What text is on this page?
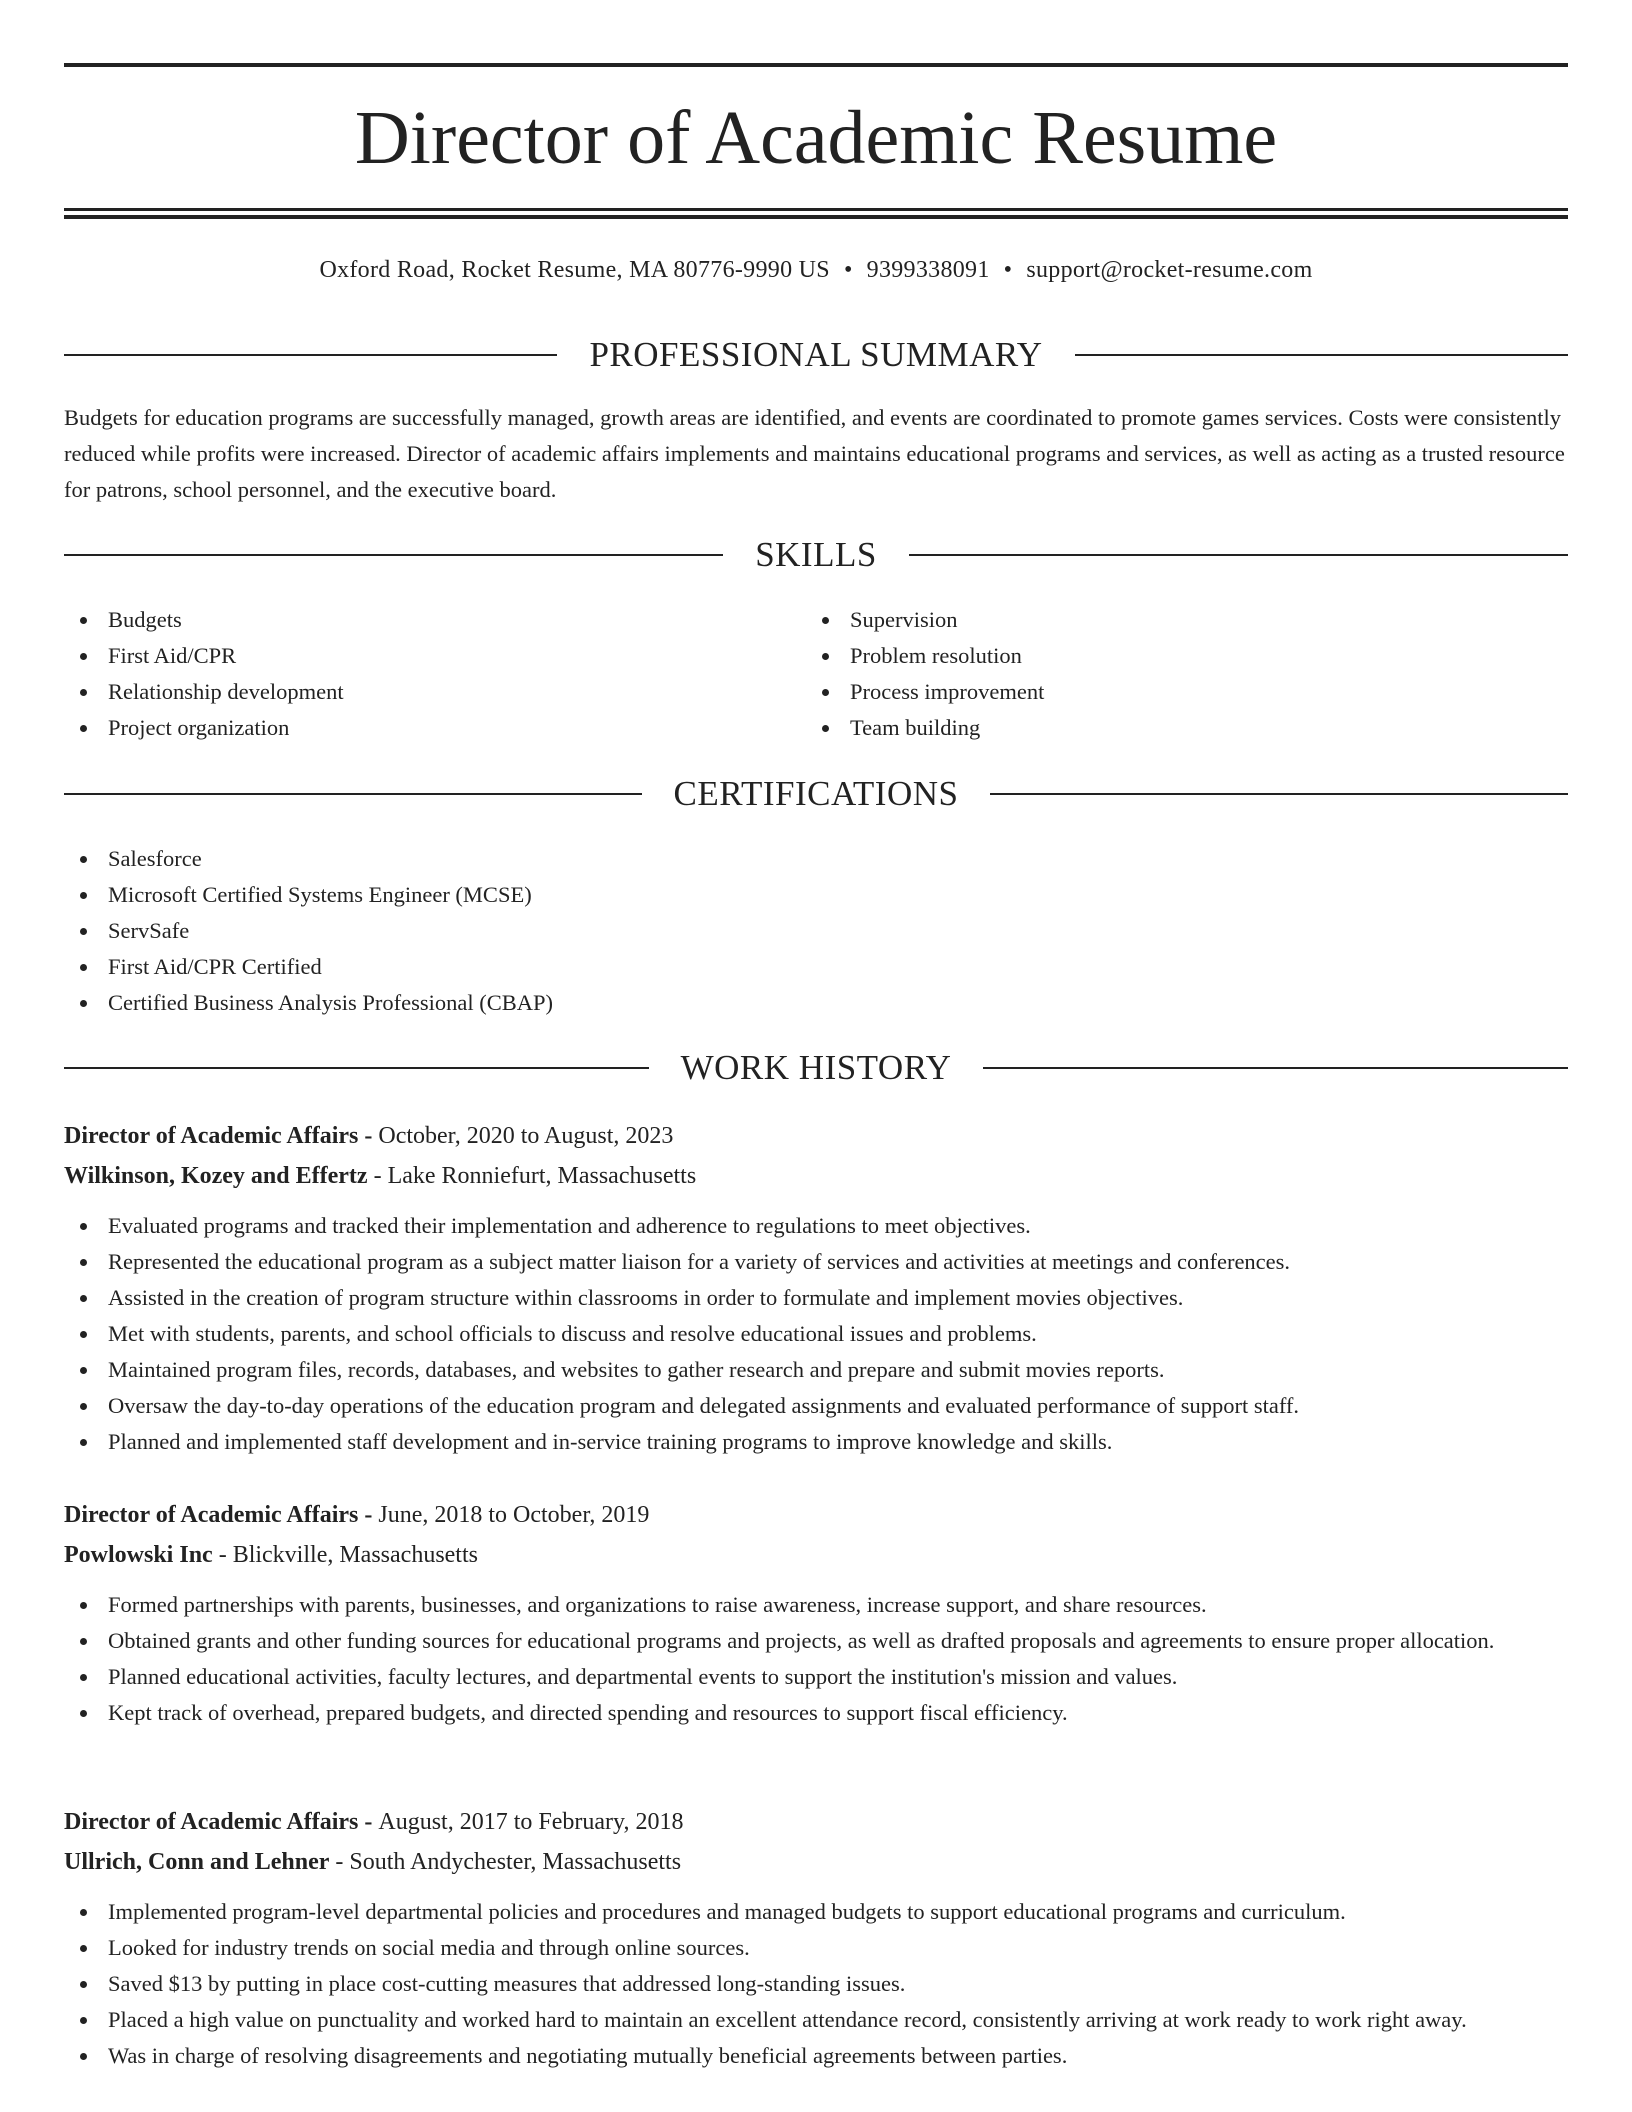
Director of Academic Resume
Oxford Road, Rocket Resume, MA 80776-9990 US • 9399338091 • support@rocket-resume.com
PROFESSIONAL SUMMARY

Budgets for education programs are successfully managed, growth areas are identified, and events are coordinated to promote games services. Costs were consistently reduced while profits were increased. Director of academic affairs implements and maintains educational programs and services, as well as acting as a trusted resource for patrons, school personnel, and the executive board.

SKILLS
Budgets
First Aid/CPR
Relationship development
Project organization
Supervision
Problem resolution
Process improvement
Team building
CERTIFICATIONS
Salesforce
Microsoft Certified Systems Engineer (MCSE)
ServSafe
First Aid/CPR Certified
Certified Business Analysis Professional (CBAP)
WORK HISTORY
Director of Academic Affairs - October, 2020 to August, 2023
Wilkinson, Kozey and Effertz - Lake Ronniefurt, Massachusetts
Evaluated programs and tracked their implementation and adherence to regulations to meet objectives.
Represented the educational program as a subject matter liaison for a variety of services and activities at meetings and conferences.
Assisted in the creation of program structure within classrooms in order to formulate and implement movies objectives.
Met with students, parents, and school officials to discuss and resolve educational issues and problems.
Maintained program files, records, databases, and websites to gather research and prepare and submit movies reports.
Oversaw the day-to-day operations of the education program and delegated assignments and evaluated performance of support staff.
Planned and implemented staff development and in-service training programs to improve knowledge and skills.
Director of Academic Affairs - June, 2018 to October, 2019
Powlowski Inc - Blickville, Massachusetts
Formed partnerships with parents, businesses, and organizations to raise awareness, increase support, and share resources.
Obtained grants and other funding sources for educational programs and projects, as well as drafted proposals and agreements to ensure proper allocation.
Planned educational activities, faculty lectures, and departmental events to support the institution's mission and values.
Kept track of overhead, prepared budgets, and directed spending and resources to support fiscal efficiency.
Director of Academic Affairs - August, 2017 to February, 2018
Ullrich, Conn and Lehner - South Andychester, Massachusetts
Implemented program-level departmental policies and procedures and managed budgets to support educational programs and curriculum.
Looked for industry trends on social media and through online sources.
Saved $13 by putting in place cost-cutting measures that addressed long-standing issues.
Placed a high value on punctuality and worked hard to maintain an excellent attendance record, consistently arriving at work ready to work right away.
Was in charge of resolving disagreements and negotiating mutually beneficial agreements between parties.
